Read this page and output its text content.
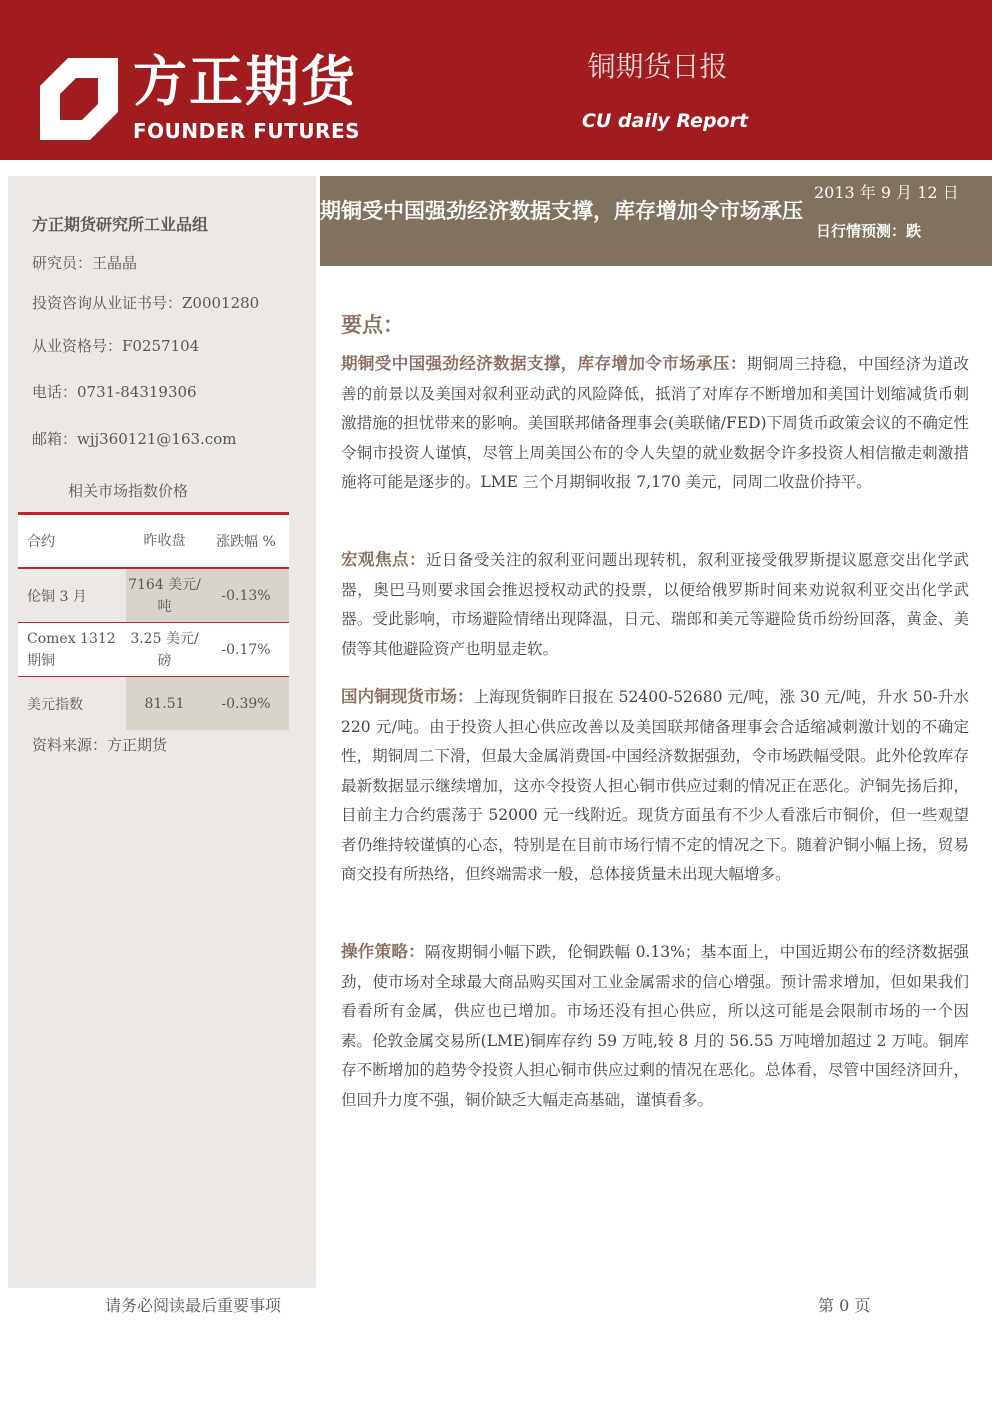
方正期货
FOUNDER FUTURES
铜期货日报
CU daily Report
方正期货研究所工业品组
研究员：王晶晶
投资咨询从业证书号：Z0001280
从业资格号：F0257104
电话：0731-84319306
邮箱：wjj360121@163.com
相关市场指数价格
合约	昨收盘	涨跌幅 %
伦铜 3 月	7164 美元/吨	-0.13%
Comex 1312 期铜	3.25 美元/磅	-0.17%
美元指数	81.51	-0.39%
资料来源：方正期货
期铜受中国强劲经济数据支撑，库存增加令市场承压
2013 年 9 月 12 日
日行情预测：跌
要点：

期铜受中国强劲经济数据支撑，库存增加令市场承压：期铜周三持稳，中国经济为道改善的前景以及美国对叙利亚动武的风险降低，抵消了对库存不断增加和美国计划缩减货币刺激措施的担忧带来的影响。美国联邦储备理事会(美联储/FED)下周货币政策会议的不确定性令铜市投资人谨慎，尽管上周美国公布的令人失望的就业数据令许多投资人相信撤走刺激措施将可能是逐步的。LME 三个月期铜收报 7,170 美元，同周二收盘价持平。

宏观焦点：近日备受关注的叙利亚问题出现转机，叙利亚接受俄罗斯提议愿意交出化学武器，奥巴马则要求国会推迟授权动武的投票，以便给俄罗斯时间来劝说叙利亚交出化学武器。受此影响，市场避险情绪出现降温，日元、瑞郎和美元等避险货币纷纷回落，黄金、美债等其他避险资产也明显走软。

国内铜现货市场：上海现货铜昨日报在 52400-52680 元/吨，涨 30 元/吨，升水 50-升水 220 元/吨。由于投资人担心供应改善以及美国联邦储备理事会合适缩减刺激计划的不确定性，期铜周二下滑，但最大金属消费国-中国经济数据强劲，令市场跌幅受限。此外伦敦库存最新数据显示继续增加，这亦令投资人担心铜市供应过剩的情况正在恶化。沪铜先扬后抑，目前主力合约震荡于 52000 元一线附近。现货方面虽有不少人看涨后市铜价，但一些观望者仍维持较谨慎的心态，特别是在目前市场行情不定的情况之下。随着沪铜小幅上扬，贸易商交投有所热络，但终端需求一般，总体接货量未出现大幅增多。

操作策略：隔夜期铜小幅下跌，伦铜跌幅 0.13%；基本面上，中国近期公布的经济数据强劲，使市场对全球最大商品购买国对工业金属需求的信心增强。预计需求增加，但如果我们看看所有金属，供应也已增加。市场还没有担心供应，所以这可能是会限制市场的一个因素。伦敦金属交易所(LME)铜库存约 59 万吨,较 8 月的 56.55 万吨增加超过 2 万吨。铜库存不断增加的趋势令投资人担心铜市供应过剩的情况在恶化。总体看，尽管中国经济回升，但回升力度不强，铜价缺乏大幅走高基础，谨慎看多。

请务必阅读最后重要事项	第 0 页
